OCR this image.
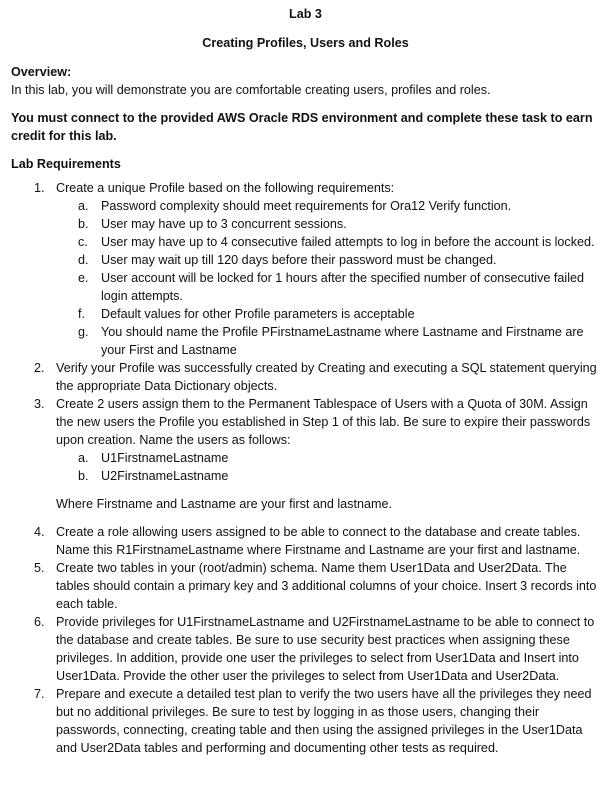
Lab 3

Creating Profiles, Users and Roles

Overview:

In this lab, you will demonstrate you are comfortable creating users, profiles and roles.

You must connect to the provided AWS Oracle RDS environment and complete these task to earn credit for this lab.

Lab Requirements

1. Create a unique Profile based on the following requirements:

a. Password complexity should meet requirements for Ora12 Verify function.

b. User may have up to 3 concurrent sessions.

c. User may have up to 4 consecutive failed attempts to log in before the account is locked.

d. User may wait up till 120 days before their password must be changed.

e. User account will be locked for 1 hours after the specified number of consecutive failed login attempts.

f. Default values for other Profile parameters is acceptable

g. You should name the Profile PFirstnameLastname where Lastname and Firstname are your First and Lastname

2. Verify your Profile was successfully created by Creating and executing a SQL statement querying the appropriate Data Dictionary objects.

3. Create 2 users assign them to the Permanent Tablespace of Users with a Quota of 30M. Assign the new users the Profile you established in Step 1 of this lab. Be sure to expire their passwords upon creation. Name the users as follows:

a. U1FirstnameLastname

b. U2FirstnameLastname

Where Firstname and Lastname are your first and lastname.

4. Create a role allowing users assigned to be able to connect to the database and create tables. Name this R1FirstnameLastname where Firstname and Lastname are your first and lastname.

5. Create two tables in your (root/admin) schema. Name them User1Data and User2Data. The tables should contain a primary key and 3 additional columns of your choice. Insert 3 records into each table.

6. Provide privileges for U1FirstnameLastname and U2FirstnameLastname to be able to connect to the database and create tables. Be sure to use security best practices when assigning these privileges. In addition, provide one user the privileges to select from User1Data and Insert into User1Data. Provide the other user the privileges to select from User1Data and User2Data.

7. Prepare and execute a detailed test plan to verify the two users have all the privileges they need but no additional privileges. Be sure to test by logging in as those users, changing their passwords, connecting, creating table and then using the assigned privileges in the User1Data and User2Data tables and performing and documenting other tests as required.
